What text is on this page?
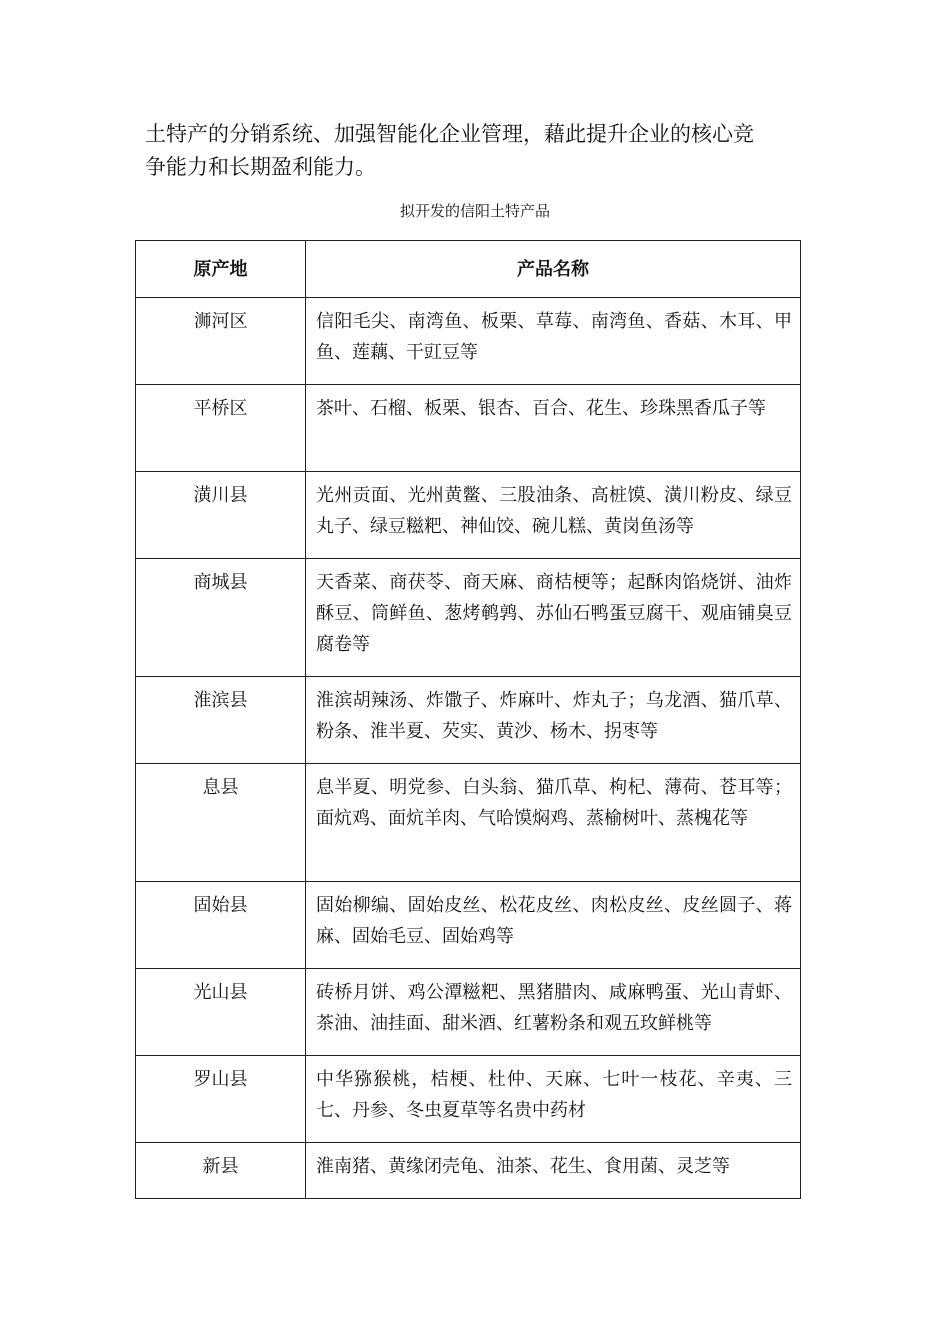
土特产的分销系统、加强智能化企业管理，藉此提升企业的核心竞

争能力和长期盈利能力。

拟开发的信阳土特产品
原产地	产品名称
浉河区	信阳毛尖、南湾鱼、板栗、草莓、南湾鱼、香菇、木耳、甲鱼、莲藕、干豇豆等
平桥区	茶叶、石榴、板栗、银杏、百合、花生、珍珠黑香瓜子等
潢川县	光州贡面、光州黄鳖、三股油条、高桩馍、潢川粉皮、绿豆丸子、绿豆糍粑、神仙饺、碗儿糕、黄岗鱼汤等
商城县	天香菜、商茯苓、商天麻、商桔梗等；起酥肉馅烧饼、油炸酥豆、筒鲜鱼、葱烤鹌鹑、苏仙石鸭蛋豆腐干、观庙铺臭豆腐卷等
淮滨县	淮滨胡辣汤、炸馓子、炸麻叶、炸丸子；乌龙酒、猫爪草、粉条、淮半夏、芡实、黄沙、杨木、拐枣等
息县	息半夏、明党参、白头翁、猫爪草、枸杞、薄荷、苍耳等；面炕鸡、面炕羊肉、气哈馍焖鸡、蒸榆树叶、蒸槐花等
固始县	固始柳编、固始皮丝、松花皮丝、肉松皮丝、皮丝圆子、蒋麻、固始毛豆、固始鸡等
光山县	砖桥月饼、鸡公潭糍粑、黑猪腊肉、咸麻鸭蛋、光山青虾、茶油、油挂面、甜米酒、红薯粉条和观五玫鲜桃等
罗山县	中华猕猴桃，桔梗、杜仲、天麻、七叶一枝花、辛夷、三七、丹参、冬虫夏草等名贵中药材
新县	淮南猪、黄缘闭壳龟、油茶、花生、食用菌、灵芝等
